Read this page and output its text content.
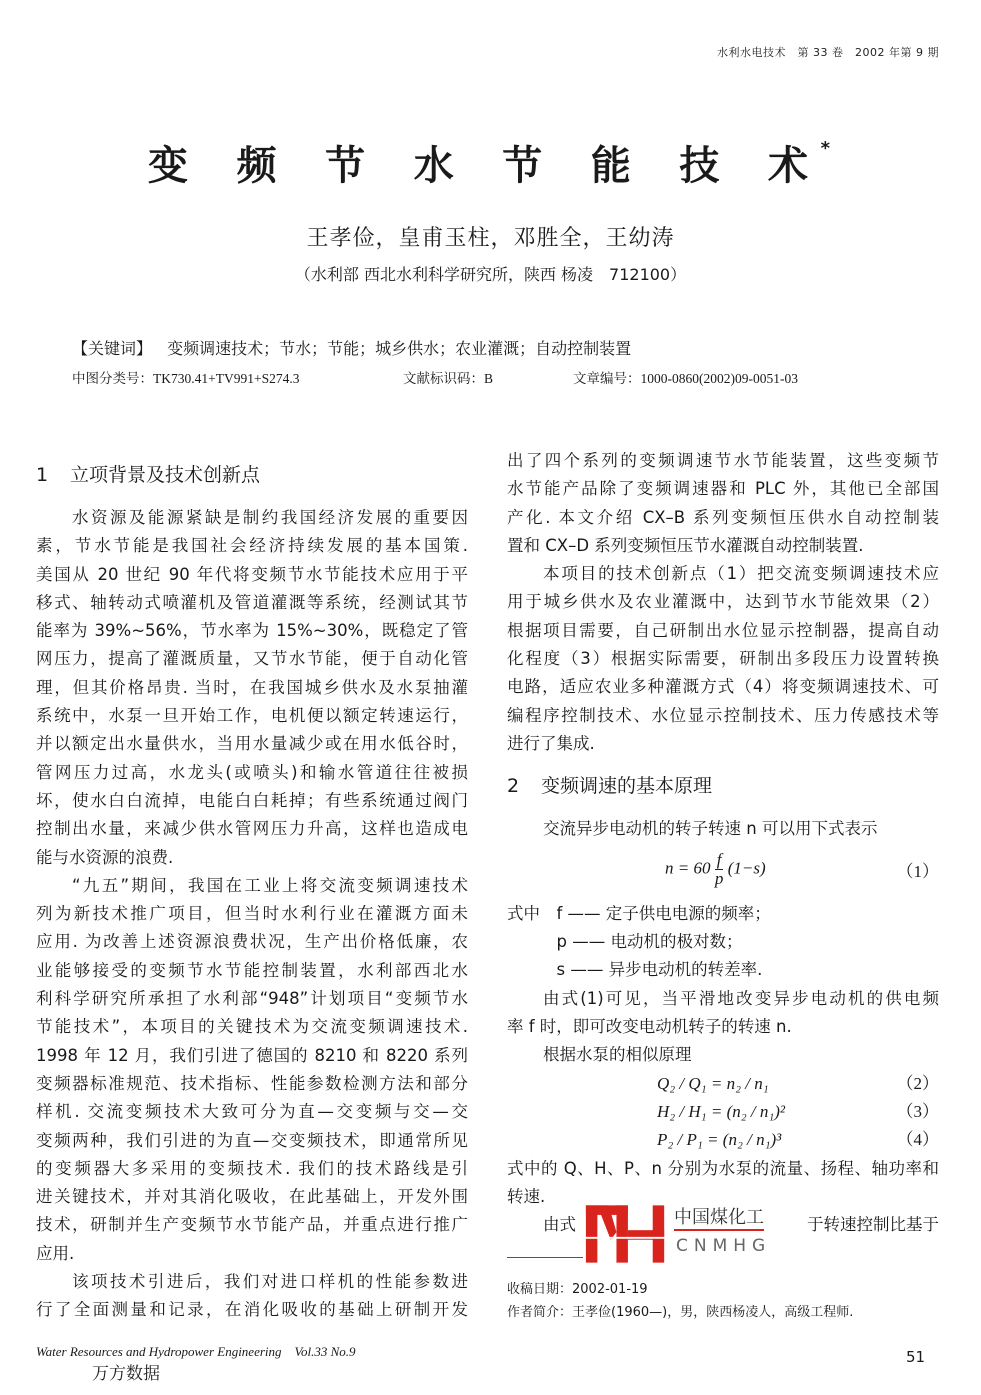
水利水电技术　第 33 卷　2002 年第 9 期
变 频 节 水 节 能 技 术 *
王孝俭，皇甫玉柱，邓胜全，王幼涛
（水利部 西北水利科学研究所，陕西 杨凌　712100）
【关键词】 变频调速技术；节水；节能；城乡供水；农业灌溉；自动控制装置
中图分类号：TK730.41+TV991+S274.3	文献标识码：B	文章编号：1000-0860(2002)09-0051-03
1 立项背景及技术创新点
水资源及能源紧缺是制约我国经济发展的重要因
素，节水节能是我国社会经济持续发展的基本国策.
美国从 20 世纪 90 年代将变频节水节能技术应用于平
移式、轴转动式喷灌机及管道灌溉等系统，经测试其节
能率为 39%~56%，节水率为 15%~30%，既稳定了管
网压力，提高了灌溉质量，又节水节能，便于自动化管
理，但其价格昂贵. 当时，在我国城乡供水及水泵抽灌
系统中，水泵一旦开始工作，电机便以额定转速运行，
并以额定出水量供水，当用水量减少或在用水低谷时，
管网压力过高，水龙头(或喷头)和输水管道往往被损
坏，使水白白流掉，电能白白耗掉；有些系统通过阀门
控制出水量，来减少供水管网压力升高，这样也造成电
能与水资源的浪费.
“九五”期间，我国在工业上将交流变频调速技术
列为新技术推广项目，但当时水利行业在灌溉方面未
应用. 为改善上述资源浪费状况，生产出价格低廉，农
业能够接受的变频节水节能控制装置，水利部西北水
利科学研究所承担了水利部“948”计划项目“变频节水
节能技术”，本项目的关键技术为交流变频调速技术.
1998 年 12 月，我们引进了德国的 8210 和 8220 系列
变频器标准规范、技术指标、性能参数检测方法和部分
样机. 交流变频技术大致可分为直—交变频与交—交
变频两种，我们引进的为直—交变频技术，即通常所见
的变频器大多采用的变频技术. 我们的技术路线是引
进关键技术，并对其消化吸收，在此基础上，开发外围
技术，研制并生产变频节水节能产品，并重点进行推广
应用.
该项技术引进后，我们对进口样机的性能参数进
行了全面测量和记录，在消化吸收的基础上研制开发
出了四个系列的变频调速节水节能装置，这些变频节
水节能产品除了变频调速器和 PLC 外，其他已全部国
产化. 本文介绍 CX–B 系列变频恒压供水自动控制装
置和 CX–D 系列变频恒压节水灌溉自动控制装置.
本项目的技术创新点（1）把交流变频调速技术应
用于城乡供水及农业灌溉中，达到节水节能效果（2）
根据项目需要，自己研制出水位显示控制器，提高自动
化程度（3）根据实际需要，研制出多段压力设置转换
电路，适应农业多种灌溉方式（4）将变频调速技术、可
编程序控制技术、水位显示控制技术、压力传感技术等
进行了集成.
2 变频调速的基本原理
交流异步电动机的转子转速 n 可以用下式表示
$n = 60 \frac{f}{p} (1-s)$	（1）
式中　f —— 定子供电电源的频率；
　　　p —— 电动机的极对数；
　　　s —— 异步电动机的转差率.
由式(1)可见，当平滑地改变异步电动机的供电频
率 f 时，即可改变电动机转子的转速 n.
根据水泵的相似原理
Q₂ / Q₁ = n₂ / n₁	（2）
H₂ / H₁ = (n₂ / n₁)²	（3）
P₂ / P₁ = (n₂ / n₁)³	（4）
式中的 Q、H、P、n 分别为水泵的流量、扬程、轴功率和
转速.
由式	于转速控制比基于
收稿日期：2002-01-19
作者简介：王孝俭(1960—)，男，陕西杨凌人，高级工程师.
中国煤化工
CNMHG
Water Resources and Hydropower Engineering　Vol.33 No.9
万方数据
51
